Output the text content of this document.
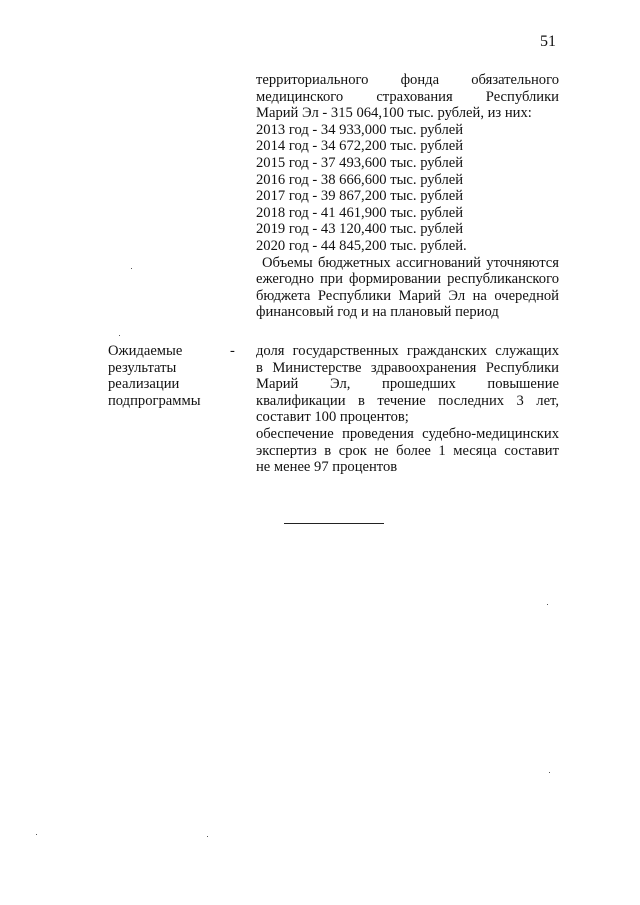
51
территориального фонда обязательного
медицинского страхования Республики
Марий Эл - 315 064,100 тыс. рублей, из них:
2013 год - 34 933,000 тыс. рублей
2014 год - 34 672,200 тыс. рублей
2015 год - 37 493,600 тыс. рублей
2016 год - 38 666,600 тыс. рублей
2017 год - 39 867,200 тыс. рублей
2018 год - 41 461,900 тыс. рублей
2019 год - 43 120,400 тыс. рублей
2020 год - 44 845,200 тыс. рублей.
Объемы бюджетных ассигнований уточняются
ежегодно при формировании республиканского
бюджета Республики Марий Эл на очередной
финансовый год и на плановый период
Ожидаемые
результаты
реализации
подпрограммы
- доля государственных гражданских служащих
в Министерстве здравоохранения Республики
Марий Эл, прошедших повышение
квалификации в течение последних 3 лет,
составит 100 процентов;
обеспечение проведения судебно-медицинских
экспертиз в срок не более 1 месяца составит
не менее 97 процентов
